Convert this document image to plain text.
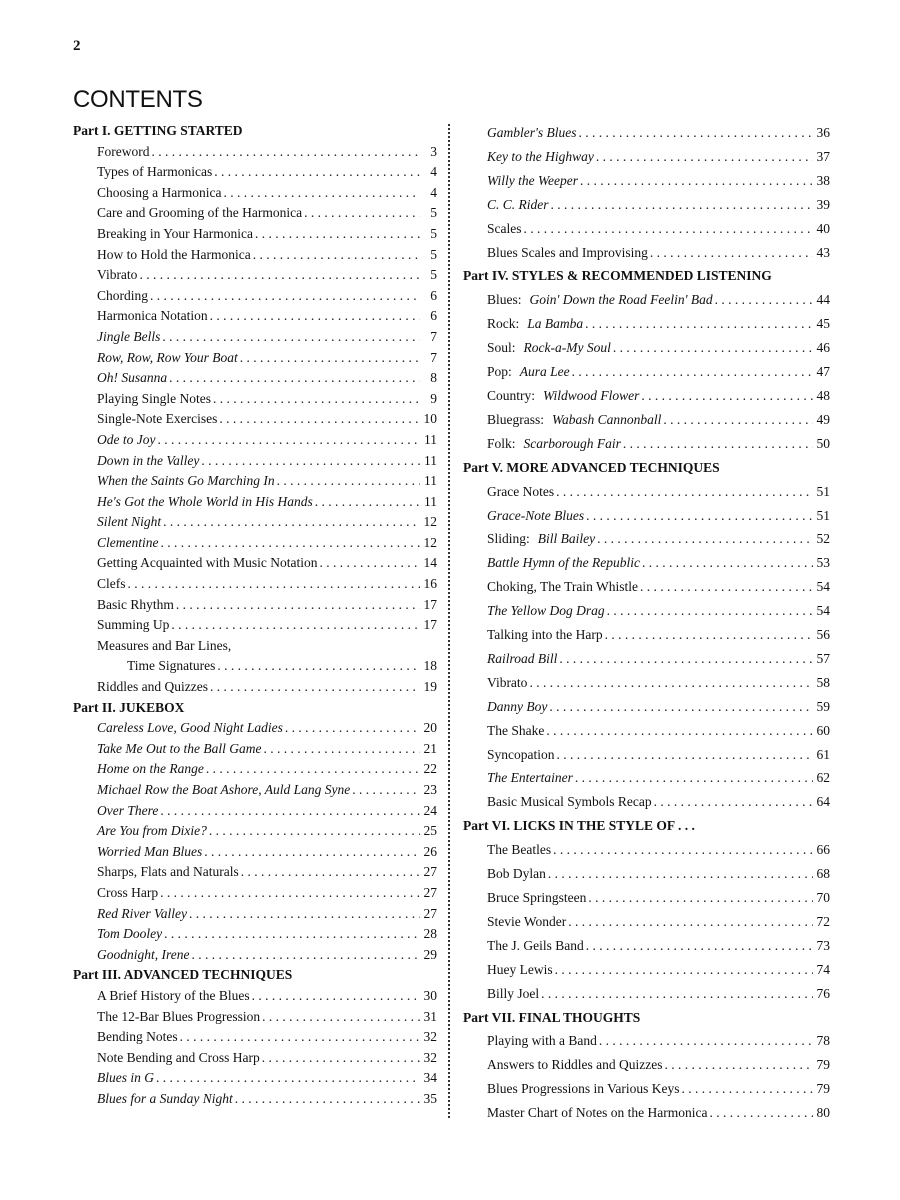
2
CONTENTS
Part I. GETTING STARTED
Foreword . . .	3
Types of Harmonicas . . .	4
Choosing a Harmonica . . .	4
Care and Grooming of the Harmonica . . .	5
Breaking in Your Harmonica . . .	5
How to Hold the Harmonica . . .	5
Vibrato . . .	5
Chording . . .	6
Harmonica Notation . . .	6
Jingle Bells . . .	7
Row, Row, Row Your Boat . . .	7
Oh! Susanna . . .	8
Playing Single Notes . . .	9
Single-Note Exercises . . .	10
Ode to Joy . . .	11
Down in the Valley . . .	11
When the Saints Go Marching In . . .	11
He's Got the Whole World in His Hands . . .	11
Silent Night . . .	12
Clementine . . .	12
Getting Acquainted with Music Notation . . .	14
Clefs . . .	16
Basic Rhythm . . .	17
Summing Up . . .	17
Measures and Bar Lines,
Time Signatures . . .	18
Riddles and Quizzes . . .	19
Part II. JUKEBOX
Careless Love, Good Night Ladies . . .	20
Take Me Out to the Ball Game . . .	21
Home on the Range . . .	22
Michael Row the Boat Ashore, Auld Lang Syne . . .	23
Over There . . .	24
Are You from Dixie? . . .	25
Worried Man Blues . . .	26
Sharps, Flats and Naturals . . .	27
Cross Harp . . .	27
Red River Valley . . .	27
Tom Dooley . . .	28
Goodnight, Irene . . .	29
Part III. ADVANCED TECHNIQUES
A Brief History of the Blues . . .	30
The 12-Bar Blues Progression . . .	31
Bending Notes . . .	32
Note Bending and Cross Harp . . .	32
Blues in G . . .	34
Blues for a Sunday Night . . .	35
Gambler's Blues . . .	36
Key to the Highway . . .	37
Willy the Weeper . . .	38
C. C. Rider . . .	39
Scales . . .	40
Blues Scales and Improvising . . .	43
Part IV. STYLES & RECOMMENDED LISTENING
Blues: Goin' Down the Road Feelin' Bad . . .	44
Rock: La Bamba . . .	45
Soul: Rock-a-My Soul . . .	46
Pop: Aura Lee . . .	47
Country: Wildwood Flower . . .	48
Bluegrass: Wabash Cannonball . . .	49
Folk: Scarborough Fair . . .	50
Part V. MORE ADVANCED TECHNIQUES
Grace Notes . . .	51
Grace-Note Blues . . .	51
Sliding: Bill Bailey . . .	52
Battle Hymn of the Republic . . .	53
Choking, The Train Whistle . . .	54
The Yellow Dog Drag . . .	54
Talking into the Harp . . .	56
Railroad Bill . . .	57
Vibrato . . .	58
Danny Boy . . .	59
The Shake . . .	60
Syncopation . . .	61
The Entertainer . . .	62
Basic Musical Symbols Recap . . .	64
Part VI. LICKS IN THE STYLE OF . . .
The Beatles . . .	66
Bob Dylan . . .	68
Bruce Springsteen . . .	70
Stevie Wonder . . .	72
The J. Geils Band . . .	73
Huey Lewis . . .	74
Billy Joel . . .	76
Part VII. FINAL THOUGHTS
Playing with a Band . . .	78
Answers to Riddles and Quizzes . . .	79
Blues Progressions in Various Keys . . .	79
Master Chart of Notes on the Harmonica . . .	80
